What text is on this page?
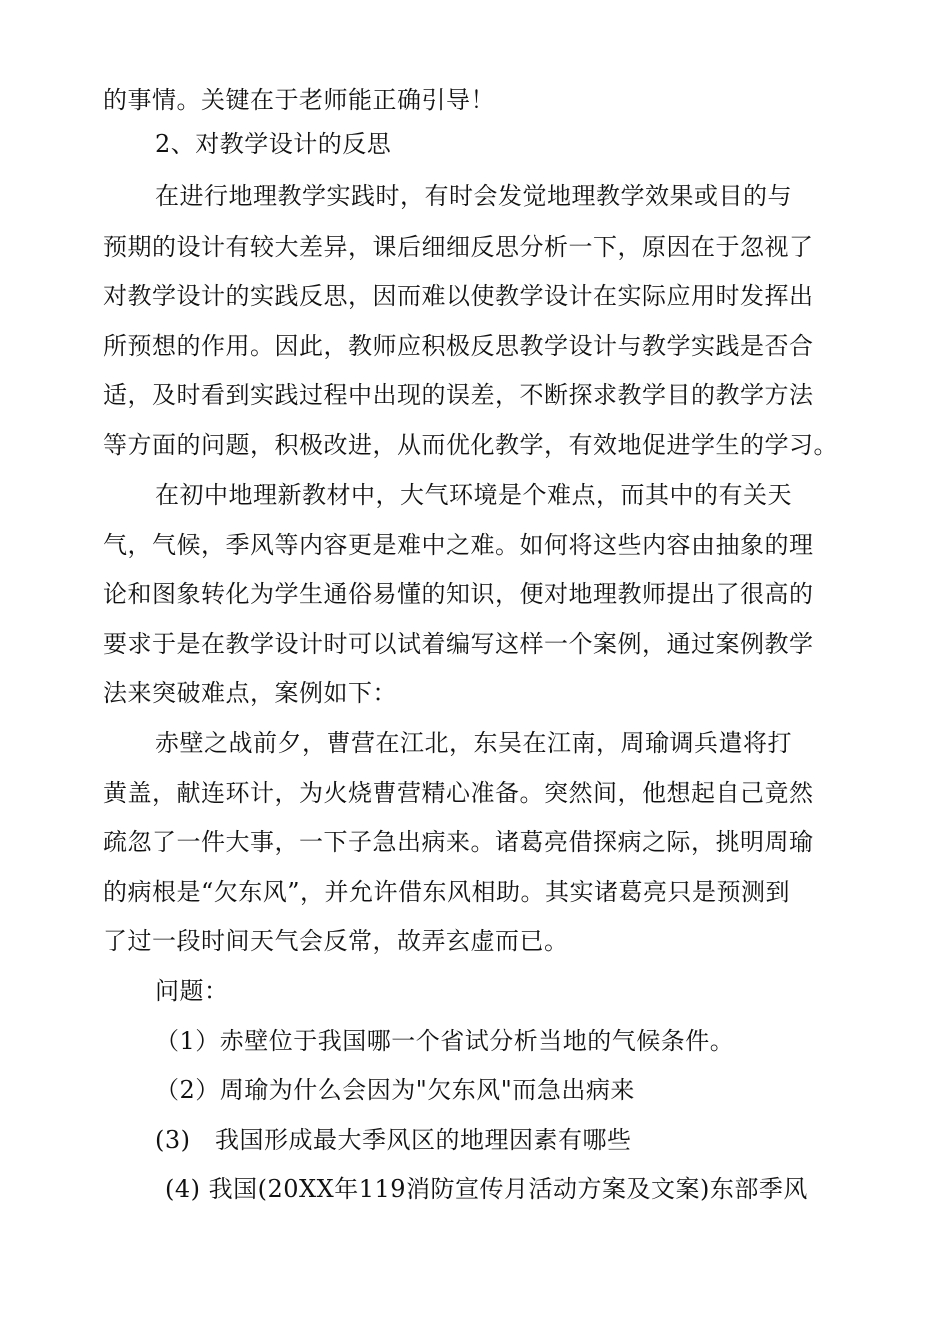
的事情。关键在于老师能正确引导！
2、对教学设计的反思
在进行地理教学实践时，有时会发觉地理教学效果或目的与
预期的设计有较大差异，课后细细反思分析一下，原因在于忽视了
对教学设计的实践反思，因而难以使教学设计在实际应用时发挥出
所预想的作用。因此，教师应积极反思教学设计与教学实践是否合
适，及时看到实践过程中出现的误差，不断探求教学目的教学方法
等方面的问题，积极改进，从而优化教学，有效地促进学生的学习。
在初中地理新教材中，大气环境是个难点，而其中的有关天
气，气候，季风等内容更是难中之难。如何将这些内容由抽象的理
论和图象转化为学生通俗易懂的知识，便对地理教师提出了很高的
要求于是在教学设计时可以试着编写这样一个案例，通过案例教学
法来突破难点，案例如下：
赤壁之战前夕，曹营在江北，东吴在江南，周瑜调兵遣将打
黄盖，献连环计，为火烧曹营精心准备。突然间，他想起自己竟然
疏忽了一件大事，一下子急出病来。诸葛亮借探病之际，挑明周瑜
的病根是“欠东风”，并允许借东风相助。其实诸葛亮只是预测到
了过一段时间天气会反常，故弄玄虚而已。
问题：
（1）赤壁位于我国哪一个省试分析当地的气候条件。
（2）周瑜为什么会因为"欠东风"而急出病来
(3)　我国形成最大季风区的地理因素有哪些
(4) 我国(20XX年119消防宣传月活动方案及文案)东部季风
